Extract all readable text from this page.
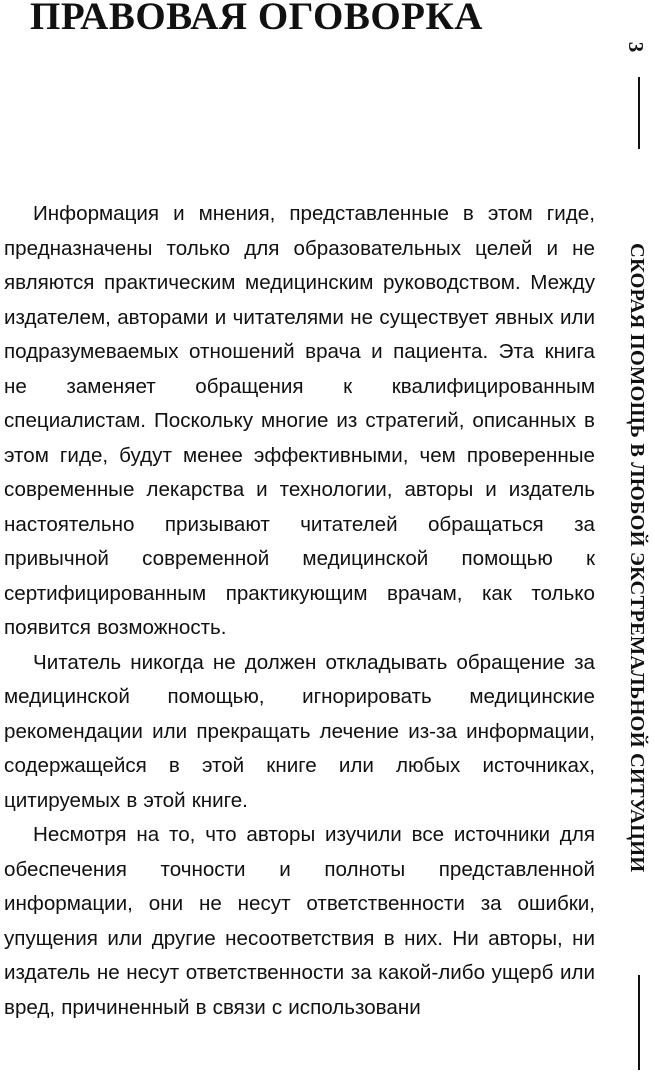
ПРАВОВАЯ ОГОВОРКА

Информация и мнения, представленные в этом гиде, предназначены только для образовательных целей и не являются практическим медицинским руководством. Между издателем, авторами и читателями не существует явных или подразумеваемых отношений врача и пациента. Эта книга не заменяет обращения к квалифицированным специалистам. Поскольку многие из стратегий, описанных в этом гиде, будут менее эффективными, чем проверенные современные лекарства и технологии, авторы и издатель настоятельно призывают читателей обращаться за привычной современной медицинской помощью к сертифицированным практикующим врачам, как только появится возможность.

Читатель никогда не должен откладывать обращение за медицинской помощью, игнорировать медицинские рекомендации или прекращать лечение из-за информации, содержащейся в этой книге или любых источниках, цитируемых в этой книге.

Несмотря на то, что авторы изучили все источники для обеспечения точности и полноты представленной информации, они не несут ответственности за ошибки, упущения или другие несоответствия в них. Ни авторы, ни издатель не несут ответственности за какой-либо ущерб или вред, причиненный в связи с использовани

3
СКОРАЯ ПОМОЩЬ В ЛЮБОЙ ЭКСТРЕМАЛЬНОЙ СИТУАЦИИ
